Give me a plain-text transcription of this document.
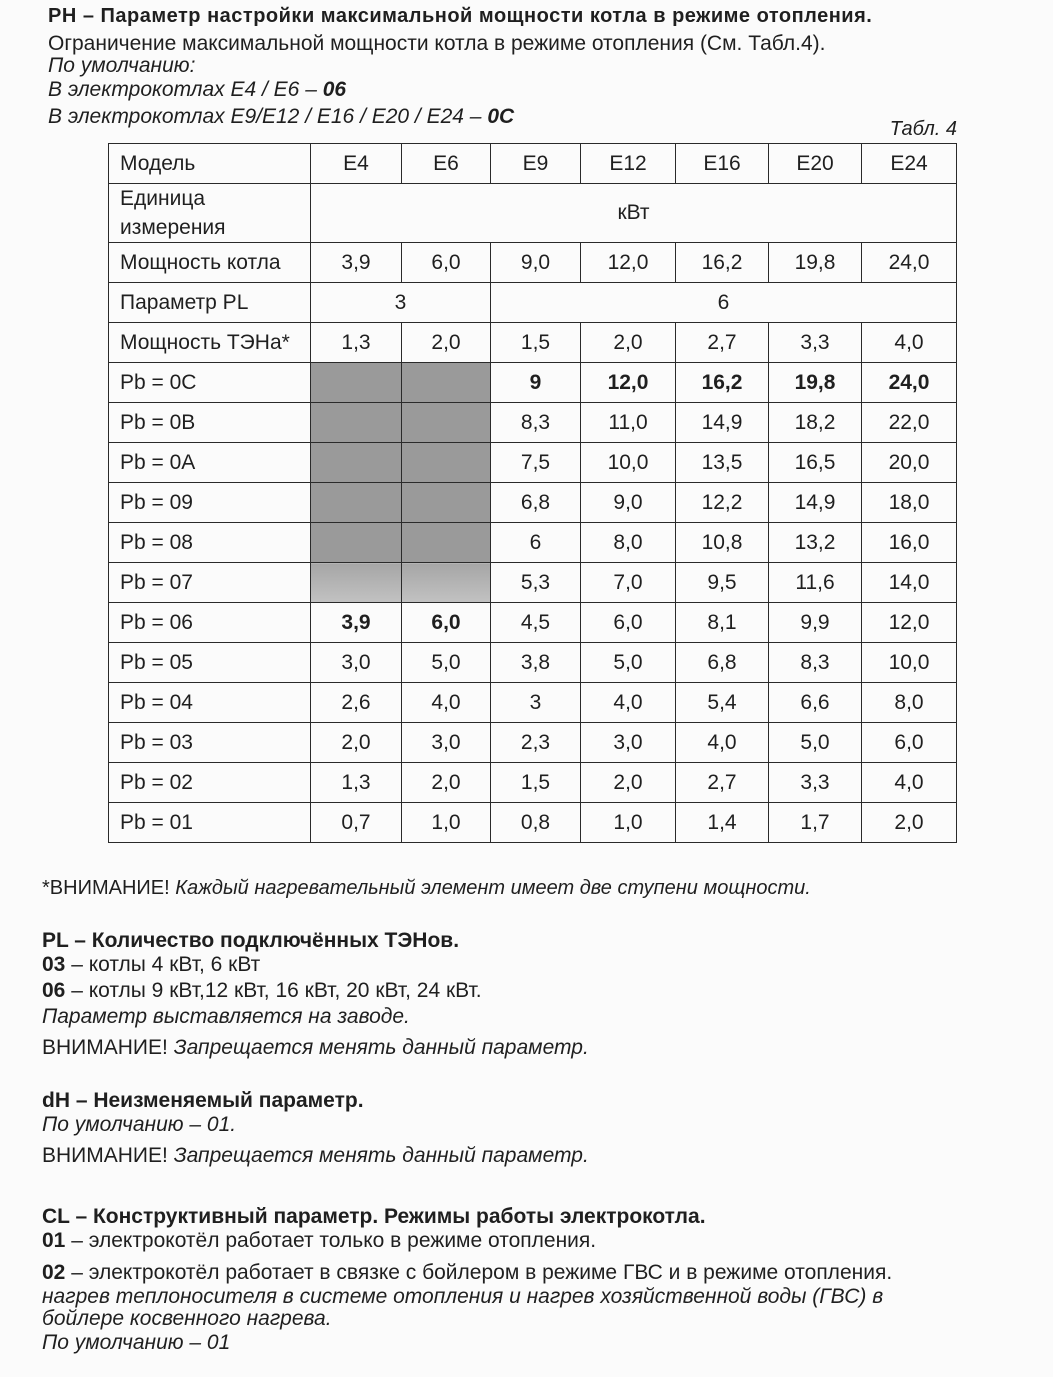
PH – Параметр настройки максимальной мощности котла в режиме отопления.
Ограничение максимальной мощности котла в режиме отопления (См. Табл.4).
По умолчанию:
В электрокотлах Е4 / Е6 – 06
В электрокотлах Е9/Е12 / Е16 / Е20 / Е24 – 0С
Табл. 4
Модель	Е4	Е6	Е9	Е12	Е16	Е20	Е24
Единица измерения	кВт						
Мощность котла	3,9	6,0	9,0	12,0	16,2	19,8	24,0
Параметр PL	3		6				
Мощность ТЭНа*	1,3	2,0	1,5	2,0	2,7	3,3	4,0
Pb = 0C			9	12,0	16,2	19,8	24,0
Pb = 0B			8,3	11,0	14,9	18,2	22,0
Pb = 0A			7,5	10,0	13,5	16,5	20,0
Pb = 09			6,8	9,0	12,2	14,9	18,0
Pb = 08			6	8,0	10,8	13,2	16,0
Pb = 07			5,3	7,0	9,5	11,6	14,0
Pb = 06	3,9	6,0	4,5	6,0	8,1	9,9	12,0
Pb = 05	3,0	5,0	3,8	5,0	6,8	8,3	10,0
Pb = 04	2,6	4,0	3	4,0	5,4	6,6	8,0
Pb = 03	2,0	3,0	2,3	3,0	4,0	5,0	6,0
Pb = 02	1,3	2,0	1,5	2,0	2,7	3,3	4,0
Pb = 01	0,7	1,0	0,8	1,0	1,4	1,7	2,0
*ВНИМАНИЕ! Каждый нагревательный элемент имеет две ступени мощности.
PL – Количество подключённых ТЭНов.
03 – котлы 4 кВт, 6 кВт
06 – котлы 9 кВт,12 кВт, 16 кВт, 20 кВт, 24 кВт.
Параметр выставляется на заводе.
ВНИМАНИЕ! Запрещается менять данный параметр.
dH – Неизменяемый параметр.
По умолчанию – 01.
ВНИМАНИЕ! Запрещается менять данный параметр.
CL – Конструктивный параметр. Режимы работы электрокотла.
01 – электрокотёл работает только в режиме отопления.
02 – электрокотёл работает в связке с бойлером в режиме ГВС и в режиме отопления.
нагрев теплоносителя в системе отопления и нагрев хозяйственной воды (ГВС) в
бойлере косвенного нагрева.
По умолчанию – 01
